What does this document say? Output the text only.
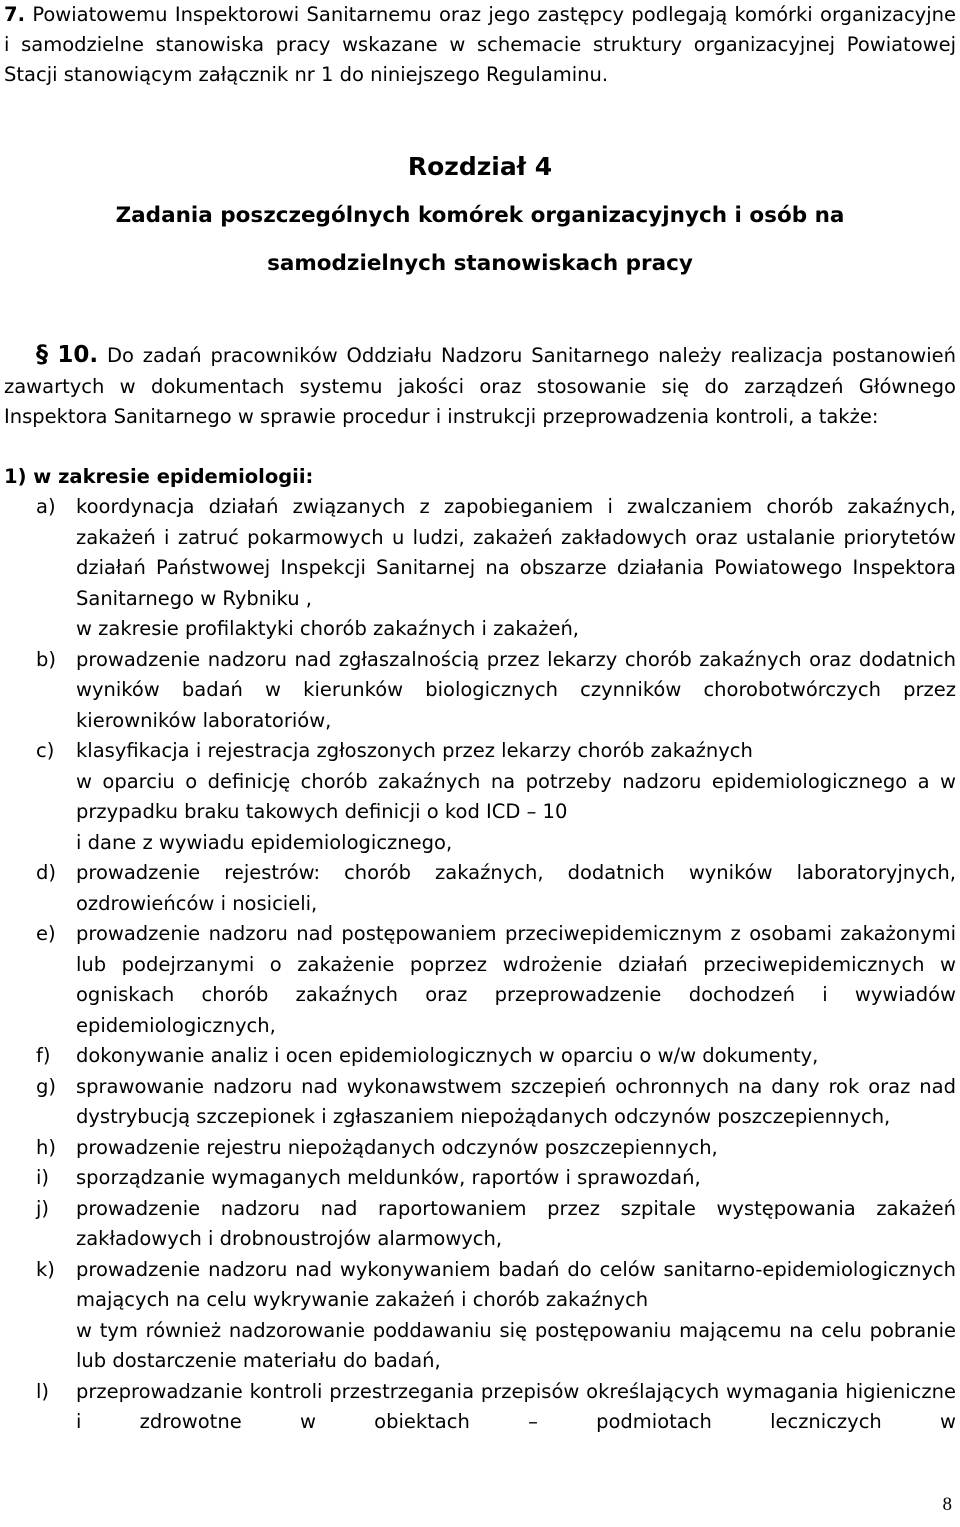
7. Powiatowemu Inspektorowi Sanitarnemu oraz jego zastępcy podlegają komórki organizacyjne i samodzielne stanowiska pracy wskazane w schemacie struktury organizacyjnej Powiatowej Stacji stanowiącym załącznik nr 1 do niniejszego Regulaminu.
Rozdział 4
Zadania poszczególnych komórek organizacyjnych i osób na
samodzielnych stanowiskach pracy
§ 10. Do zadań pracowników Oddziału Nadzoru Sanitarnego należy realizacja postanowień zawartych w dokumentach systemu jakości oraz stosowanie się do zarządzeń Głównego Inspektora Sanitarnego w sprawie procedur i instrukcji przeprowadzenia kontroli, a także:
1) w zakresie epidemiologii:
a) koordynacja działań związanych z zapobieganiem i zwalczaniem chorób zakaźnych, zakażeń i zatruć pokarmowych u ludzi, zakażeń zakładowych oraz ustalanie priorytetów działań Państwowej Inspekcji Sanitarnej na obszarze działania Powiatowego Inspektora Sanitarnego w Rybniku ,
w zakresie profilaktyki chorób zakaźnych i zakażeń,
b) prowadzenie nadzoru nad zgłaszalnością przez lekarzy chorób zakaźnych oraz dodatnich wyników badań w kierunków biologicznych czynników chorobotwórczych przez kierowników laboratoriów,
c) klasyfikacja i rejestracja zgłoszonych przez lekarzy chorób zakaźnych
w oparciu o definicję chorób zakaźnych na potrzeby nadzoru epidemiologicznego a w przypadku braku takowych definicji o kod ICD – 10
i dane z wywiadu epidemiologicznego,
d) prowadzenie rejestrów: chorób zakaźnych, dodatnich wyników laboratoryjnych, ozdrowieńców i nosicieli,
e) prowadzenie nadzoru nad postępowaniem przeciwepidemicznym z osobami zakażonymi lub podejrzanymi o zakażenie poprzez wdrożenie działań przeciwepidemicznych w ogniskach chorób zakaźnych oraz przeprowadzenie dochodzeń i wywiadów epidemiologicznych,
f) dokonywanie analiz i ocen epidemiologicznych w oparciu o w/w dokumenty,
g) sprawowanie nadzoru nad wykonawstwem szczepień ochronnych na dany rok oraz nad dystrybucją szczepionek i zgłaszaniem niepożądanych odczynów poszczepiennych,
h) prowadzenie rejestru niepożądanych odczynów poszczepiennych,
i) sporządzanie wymaganych meldunków, raportów i sprawozdań,
j) prowadzenie nadzoru nad raportowaniem przez szpitale występowania zakażeń zakładowych i drobnoustrojów alarmowych,
k) prowadzenie nadzoru nad wykonywaniem badań do celów sanitarno-epidemiologicznych mających na celu wykrywanie zakażeń i chorób zakaźnych
w tym również nadzorowanie poddawaniu się postępowaniu mającemu na celu pobranie lub dostarczenie materiału do badań,
l) przeprowadzanie kontroli przestrzegania przepisów określających wymagania higieniczne i zdrowotne w obiektach – podmiotach leczniczych w
8
